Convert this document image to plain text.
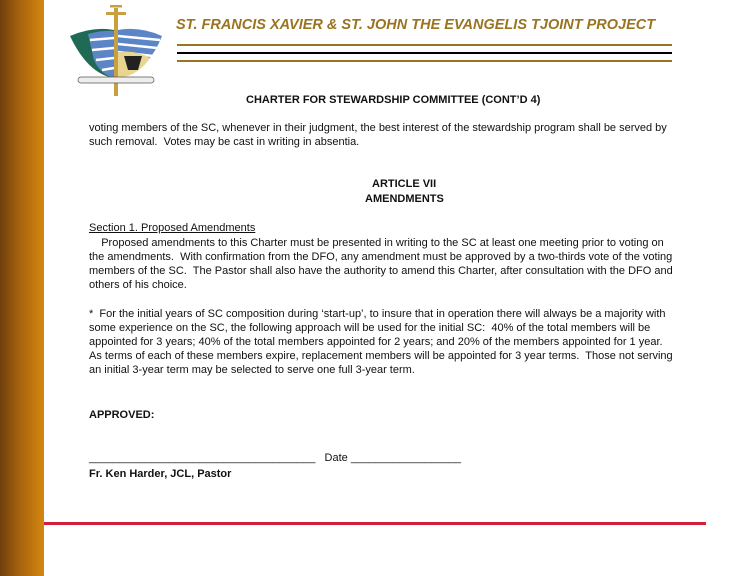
ST. FRANCIS XAVIER & ST. JOHN THE EVANGELIS TJOINT PROJECT
CHARTER FOR STEWARDSHIP COMMITTEE (CONT’D 4)
voting members of the SC, whenever in their judgment, the best interest of the stewardship program shall be served by
such removal.  Votes may be cast in writing in absentia.
ARTICLE VII
AMENDMENTS
Section 1. Proposed Amendments
Proposed amendments to this Charter must be presented in writing to the SC at least one meeting prior to voting on
the amendments.  With confirmation from the DFO, any amendment must be approved by a two-thirds vote of the voting
members of the SC.  The Pastor shall also have the authority to amend this Charter, after consultation with the DFO and
others of his choice.
*  For the initial years of SC composition during ‘start-up’, to insure that in operation there will always be a majority with
some experience on the SC, the following approach will be used for the initial SC:  40% of the total members will be
appointed for 3 years; 40% of the total members appointed for 2 years; and 20% of the members appointed for 1 year.
As terms of each of these members expire, replacement members will be appointed for 3 year terms.  Those not serving
an initial 3-year term may be selected to serve one full 3-year term.
APPROVED:
_____________________________________   Date __________________
Fr. Ken Harder, JCL, Pastor
